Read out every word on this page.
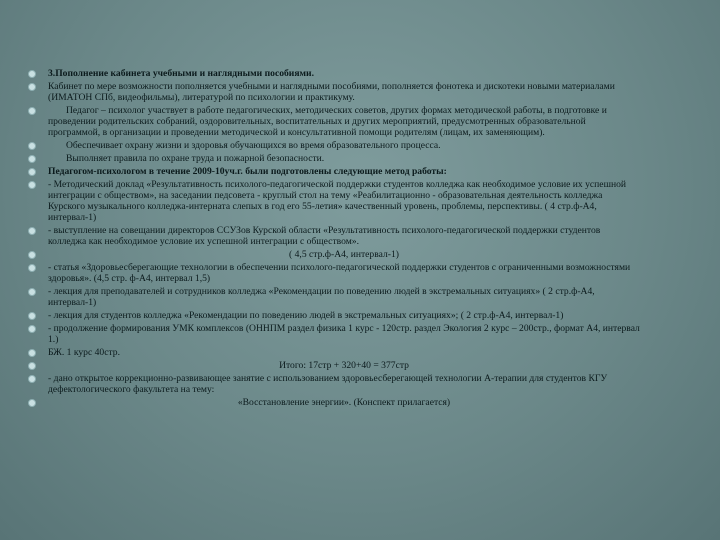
3.Пополнение кабинета учебными и наглядными пособиями.
Кабинет по мере возможности пополняется учебными и наглядными пособиями, пополняется фонотека и дискотеки новыми материалами (ИМАТОН СПб, видеофильмы), литературой по психологии и практикуму.
Педагог – психолог участвует в работе педагогических, методических советов, других формах методической работы, в подготовке и проведении родительских собраний, оздоровительных, воспитательных и других мероприятий, предусмотренных образовательной программой, в организации и проведении методической и консультативной помощи родителям (лицам, их заменяющим).
Обеспечивает охрану жизни и здоровья обучающихся во время образовательного процесса.
Выполняет правила по охране труда и пожарной безопасности.
Педагогом-психологом в течение 2009-10уч.г. были подготовлены следующие метод работы:
- Методический доклад «Результативность психолого-педагогической поддержки студентов колледжа как необходимое условие их успешной интеграции с обществом», на заседании педсовета - круглый стол на тему «Реабилитационно - образовательная деятельность колледжа Курского музыкального колледжа-интерната слепых в год его 55-летия» качественный уровень, проблемы, перспективы. ( 4 стр.ф-А4, интервал-1)
- выступление на совещании директоров ССУЗов Курской области «Результативность психолого-педагогической поддержки студентов колледжа как необходимое условие их успешной интеграции с обществом».
( 4,5 стр.ф-А4, интервал-1)
- статья «Здоровьесберегающие технологии в обеспечении психолого-педагогической поддержки студентов с ограниченными возможностями здоровья». (4,5 стр. ф-А4, интервал 1,5)
- лекция для преподавателей и сотрудников колледжа «Рекомендации по поведению людей в экстремальных ситуациях» ( 2 стр.ф-А4, интервал-1)
- лекция для студентов колледжа «Рекомендации по поведению людей в экстремальных ситуациях»; ( 2 стр.ф-А4, интервал-1)
- продолжение формирования УМК комплексов (ОННПМ раздел физика 1 курс - 120стр. раздел Экология 2 курс – 200стр., формат А4, интервал 1.)
БЖ. 1 курс 40стр.
Итого: 17стр + 320+40 = 377стр
- дано открытое коррекционно-развивающее занятие с использованием здоровьесберегающей технологии А-терапии для студентов КГУ дефектологического факультета на тему:
«Восстановление энергии». (Конспект прилагается)
